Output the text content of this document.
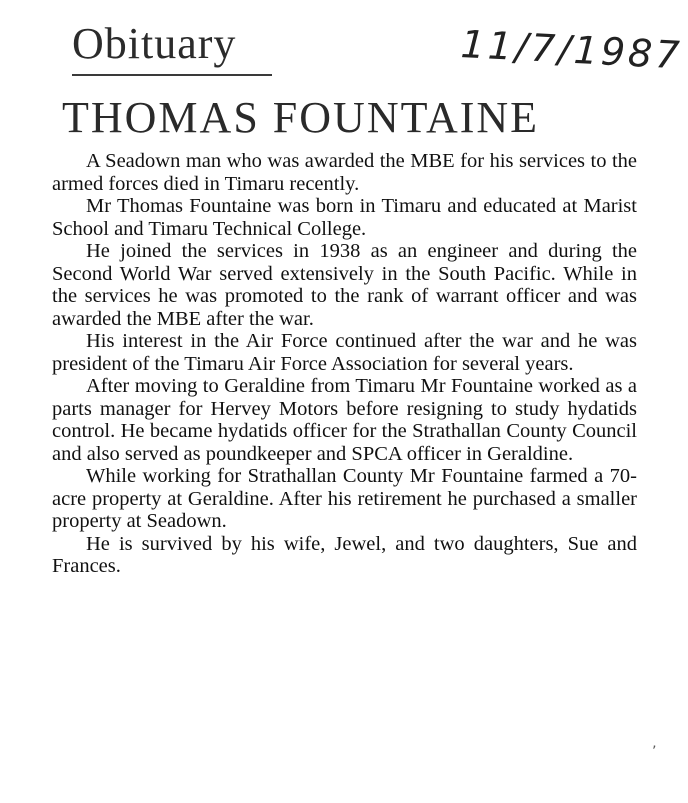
Obituary	11/7/1987
THOMAS FOUNTAINE

A Seadown man who was awarded the MBE for his services to the armed forces died in Timaru recently.

Mr Thomas Fountaine was born in Timaru and educated at Marist School and Timaru Technical College.

He joined the services in 1938 as an engineer and during the Second World War served extensively in the South Pacific. While in the services he was promoted to the rank of warrant officer and was awarded the MBE after the war.

His interest in the Air Force continued after the war and he was president of the Timaru Air Force Association for several years.

After moving to Geraldine from Timaru Mr Fountaine worked as a parts manager for Hervey Motors before resigning to study hydatids control. He became hydatids officer for the Strathallan County Council and also served as poundkeeper and SPCA officer in Geraldine.

While working for Strathallan County Mr Fountaine farmed a 70-acre property at Geraldine. After his retirement he purchased a smaller property at Seadown.

He is survived by his wife, Jewel, and two daughters, Sue and Frances.

’
